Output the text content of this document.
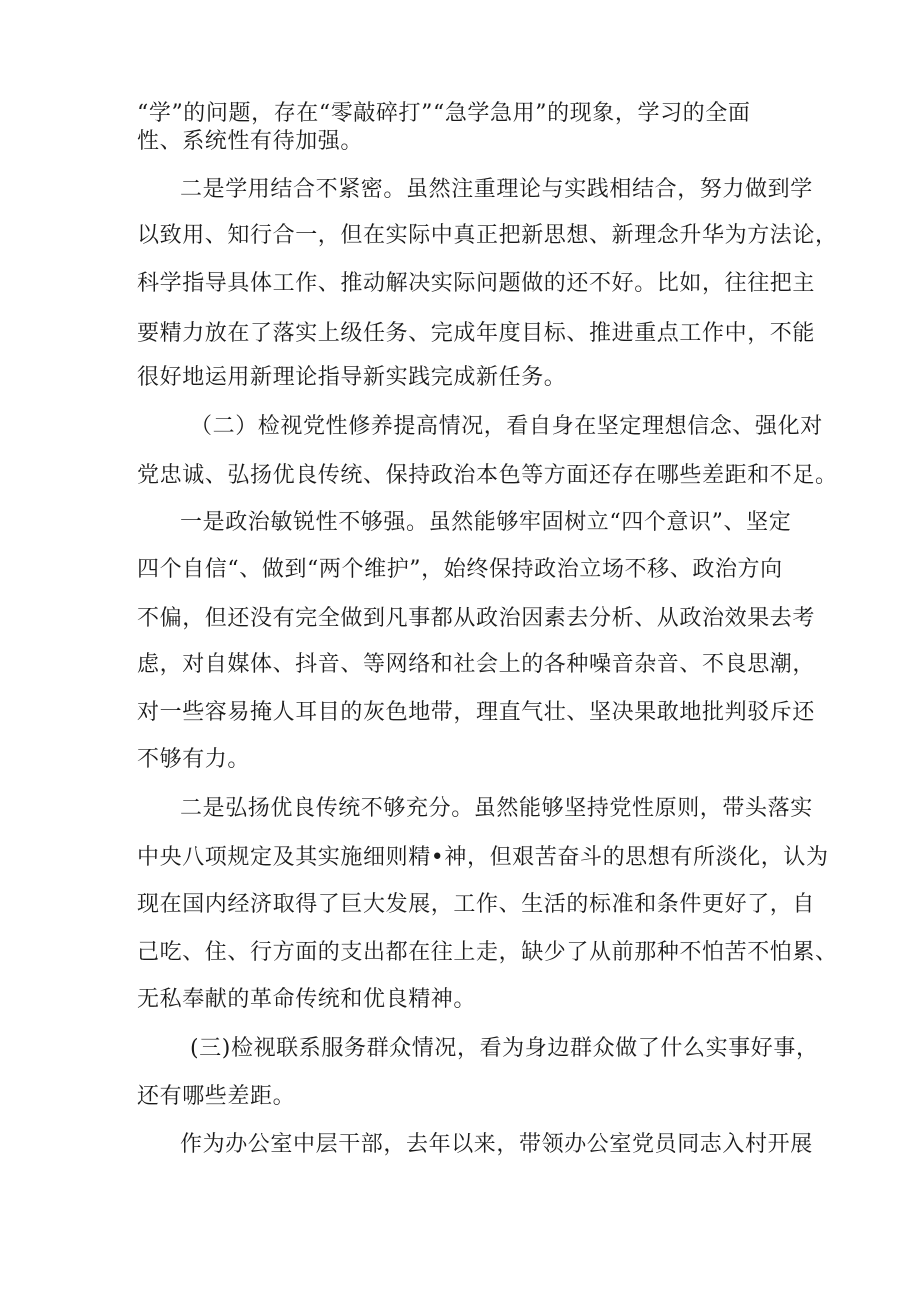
“学”的问题，存在“零敲碎打”“急学急用”的现象，学习的全面
性、系统性有待加强。
二是学用结合不紧密。虽然注重理论与实践相结合，努力做到学
以致用、知行合一，但在实际中真正把新思想、新理念升华为方法论，
科学指导具体工作、推动解决实际问题做的还不好。比如，往往把主
要精力放在了落实上级任务、完成年度目标、推进重点工作中，不能
很好地运用新理论指导新实践完成新任务。
（二）检视党性修养提高情况，看自身在坚定理想信念、强化对
党忠诚、弘扬优良传统、保持政治本色等方面还存在哪些差距和不足。
一是政治敏锐性不够强。虽然能够牢固树立“四个意识”、坚定
四个自信“、做到“两个维护”，始终保持政治立场不移、政治方向
不偏，但还没有完全做到凡事都从政治因素去分析、从政治效果去考
虑，对自媒体、抖音、等网络和社会上的各种噪音杂音、不良思潮，
对一些容易掩人耳目的灰色地带，理直气壮、坚决果敢地批判驳斥还
不够有力。
二是弘扬优良传统不够充分。虽然能够坚持党性原则，带头落实
中央八项规定及其实施细则精•神，但艰苦奋斗的思想有所淡化，认为
现在国内经济取得了巨大发展，工作、生活的标准和条件更好了，自
己吃、住、行方面的支出都在往上走，缺少了从前那种不怕苦不怕累、
无私奉献的革命传统和优良精神。
(三)检视联系服务群众情况，看为身边群众做了什么实事好事，
还有哪些差距。
作为办公室中层干部，去年以来，带领办公室党员同志入村开展
